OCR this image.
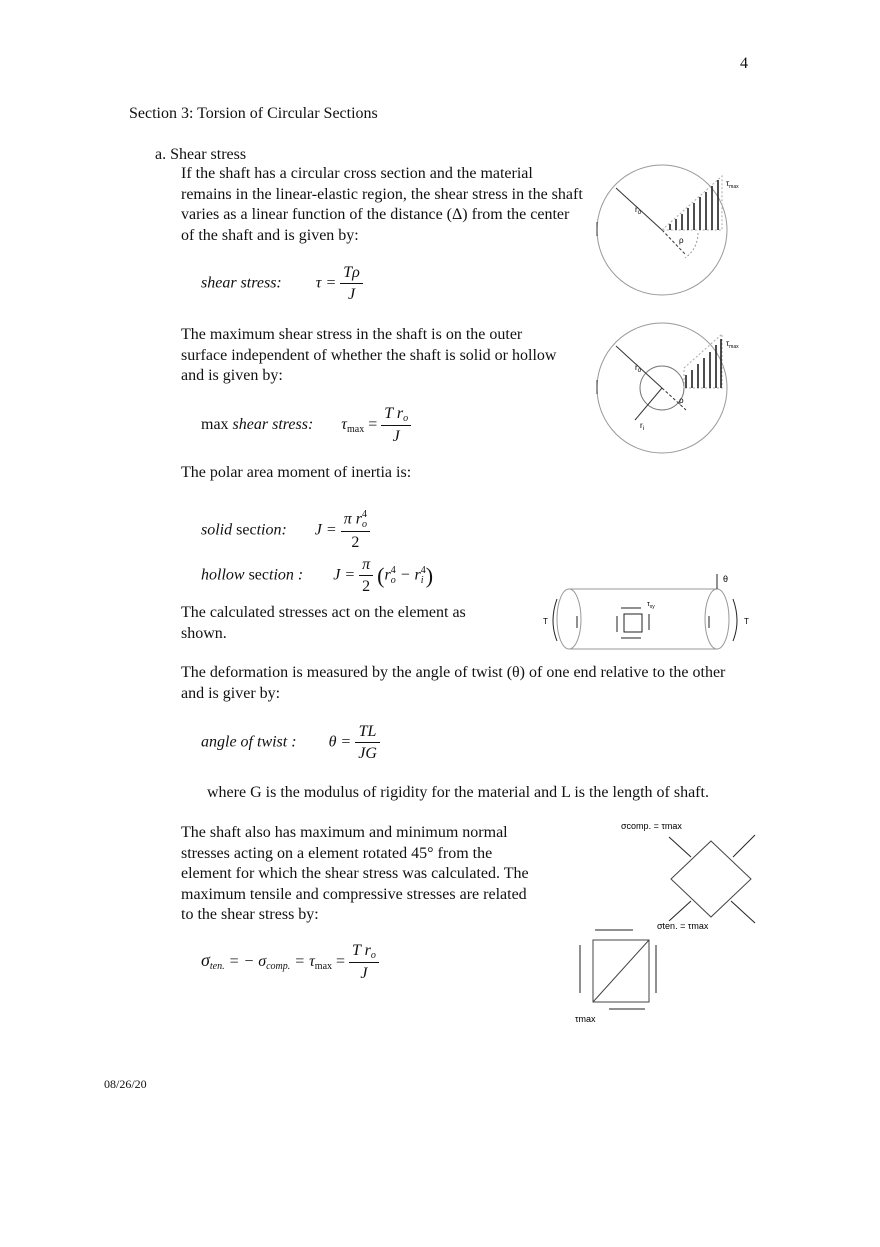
4
Section 3: Torsion of Circular Sections
a. Shear stress
If the shaft has a circular cross section and the material remains in the linear-elastic region, the shear stress in the shaft varies as a linear function of the distance (Δ) from the center of the shaft and is given by:
shear stress: $\tau = \frac{T\rho}{J}$
The maximum shear stress in the shaft is on the outer surface independent of whether the shaft is solid or hollow and is given by:
max shear stress: $\tau\max = \frac{T r_o}{J}$
The polar area moment of inertia is:
solid section: J = π r 4
o
2
hollow section : $J = \frac{\pi}{2} (r$ 4
o − r 4
i )
The calculated stresses act on the element as shown.
The deformation is measured by the angle of twist (θ) of one end relative to the other and is giver by:
angle of twist : $\theta = \frac{TL}{JG}$
where G is the modulus of rigidity for the material and L is the length of shaft.
The shaft also has maximum and minimum normal stresses acting on a element rotated 45° from the element for which the shear stress was calculated. The maximum tensile and compressive stresses are related to the shear stress by:
$\sigma_{ten.}$ = − $\sigma_{comp.} = \tau\max = \frac{T r_o}{J}$
08/26/20
$r_o$
ρ
$\tau_{max}$
$r_o$
$r_i$
ρ
$\tau_{max}$
T	T
θ
$\tau_{xy}$
σcomp. = τmax
σten. = τmax
τmax
